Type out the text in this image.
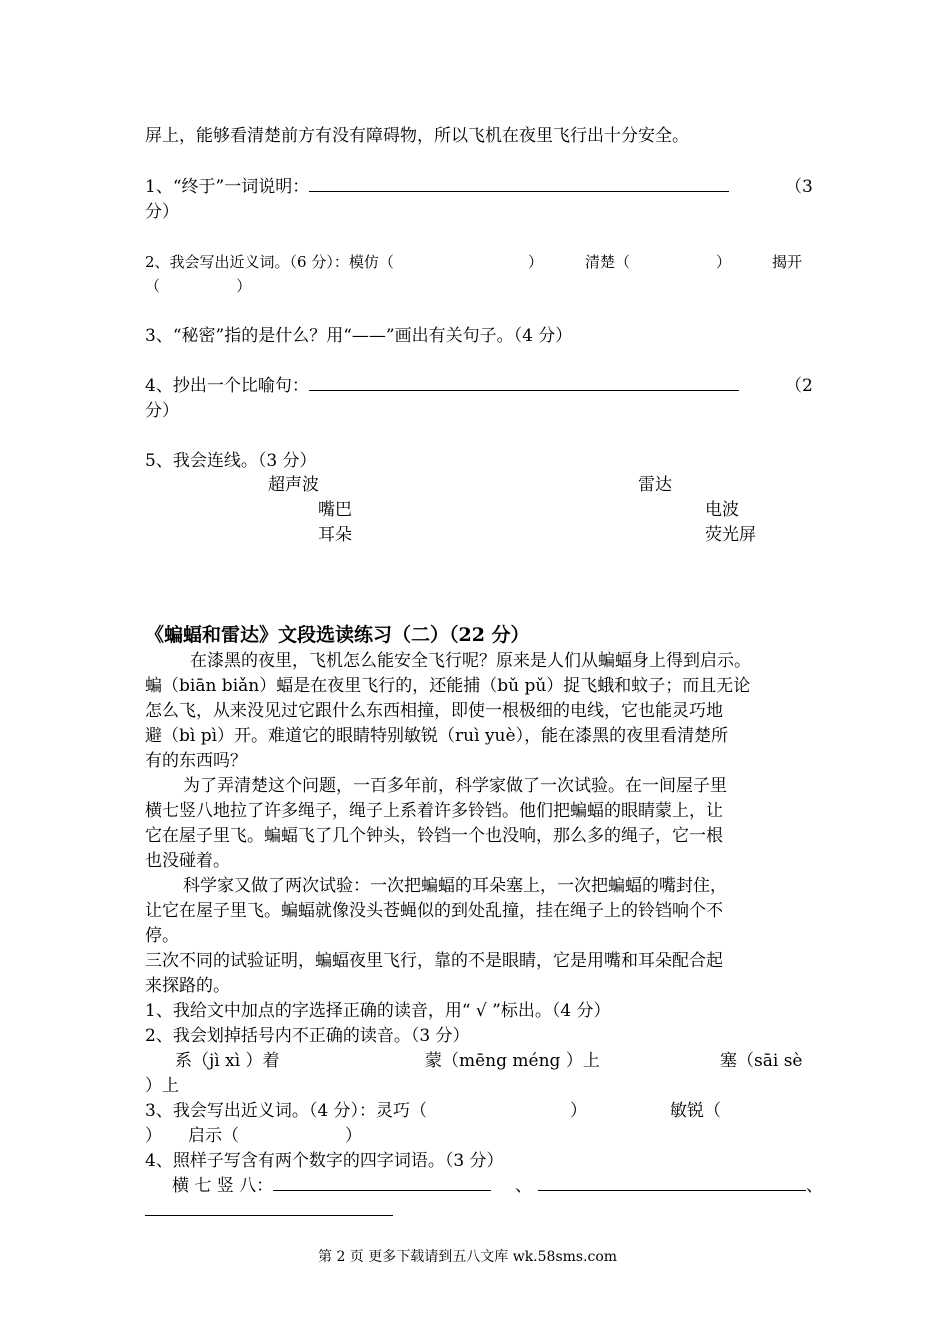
屏上，能够看清楚前方有没有障碍物，所以飞机在夜里飞行出十分安全。
1、“终于”一词说明：	（3
分）
2、我会写出近义词。（6 分）：模仿（	）	清楚（	）	揭开
（                ）
3、“秘密”指的是什么？用“——”画出有关句子。（4 分）
4、抄出一个比喻句：	（2
分）
5、我会连线。（3 分）
超声波
嘴巴
耳朵
雷达
电波
荧光屏
《蝙蝠和雷达》文段选读练习（二）（22 分）
在漆黑的夜里，飞机怎么能安全飞行呢？原来是人们从蝙蝠身上得到启示。
蝙（biān biǎn）蝠是在夜里飞行的，还能捕（bǔ pǔ）捉飞蛾和蚊子；而且无论
怎么飞，从来没见过它跟什么东西相撞，即使一根极细的电线，它也能灵巧地
避（bì pì）开。难道它的眼睛特别敏锐（ruì yuè），能在漆黑的夜里看清楚所
有的东西吗？
为了弄清楚这个问题，一百多年前，科学家做了一次试验。在一间屋子里
横七竖八地拉了许多绳子，绳子上系着许多铃铛。他们把蝙蝠的眼睛蒙上，让
它在屋子里飞。蝙蝠飞了几个钟头，铃铛一个也没响，那么多的绳子，它一根
也没碰着。
科学家又做了两次试验：一次把蝙蝠的耳朵塞上，一次把蝙蝠的嘴封住，
让它在屋子里飞。蝙蝠就像没头苍蝇似的到处乱撞，挂在绳子上的铃铛响个不
停。
三次不同的试验证明，蝙蝠夜里飞行，靠的不是眼睛，它是用嘴和耳朵配合起
来探路的。
1、我给文中加点的字选择正确的读音，用“ √ ”标出。（4 分）
2、我会划掉括号内不正确的读音。（3 分）
系（jì xì ）着	蒙（mēng méng ）上	塞（sāi sè
）上
3、我会写出近义词。（4 分）：灵巧（	）	敏锐（
） 启示（	）
4、照样子写含有两个数字的四字词语。（3 分）
横 七 竖 八：	、	、
第 2 页 更多下载请到五八文库 wk.58sms.com
